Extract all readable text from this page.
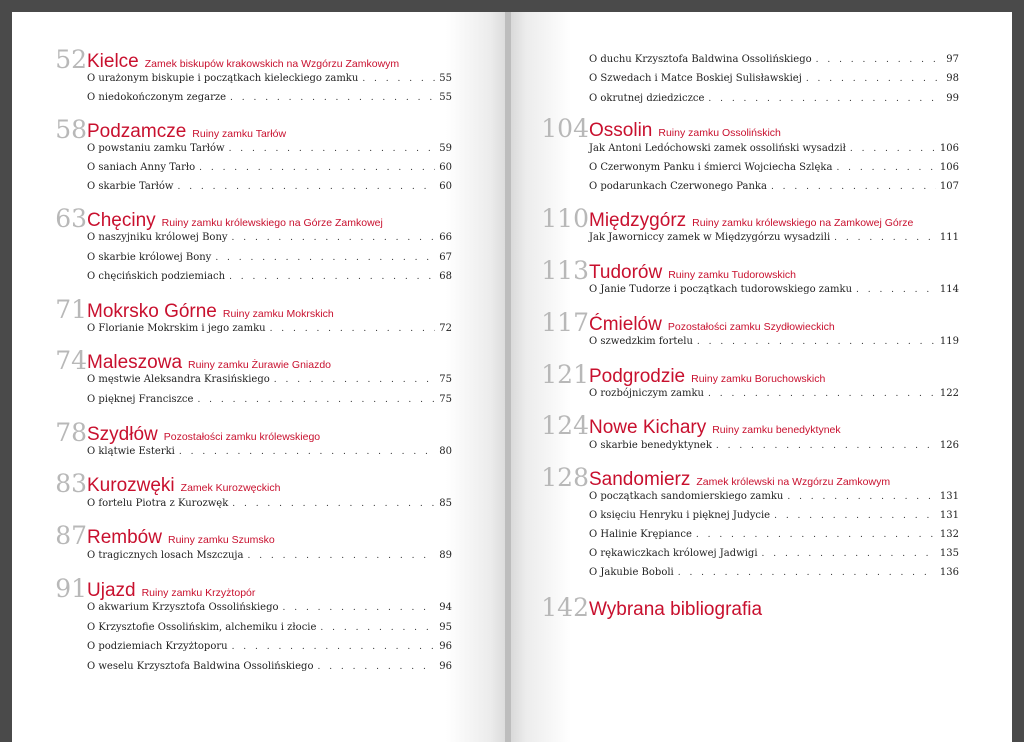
52 Kielce Zamek biskupów krakowskich na Wzgórzu Zamkowym
O urażonym biskupie i początkach kieleckiego zamku . . .	55
O niedokończonym zegarze . . .	55
58 Podzamcze Ruiny zamku Tarłów
O powstaniu zamku Tarłów . . .	59
O saniach Anny Tarło . . .	60
O skarbie Tarłów . . .	60
63 Chęciny Ruiny zamku królewskiego na Górze Zamkowej
O naszyjniku królowej Bony . . .	66
O skarbie królowej Bony . . .	67
O chęcińskich podziemiach . . .	68
71 Mokrsko Górne Ruiny zamku Mokrskich
O Florianie Mokrskim i jego zamku . . .	72
74 Maleszowa Ruiny zamku Żurawie Gniazdo
O męstwie Aleksandra Krasińskiego . . .	75
O pięknej Franciszce . . .	75
78 Szydłów Pozostałości zamku królewskiego
O klątwie Esterki . . .	80
83 Kurozwęki Zamek Kurozwęckich
O fortelu Piotra z Kurozwęk . . .	85
87 Rembów Ruiny zamku Szumsko
O tragicznych losach Mszczuja . . .	89
91 Ujazd Ruiny zamku Krzyżtopór
O akwarium Krzysztofa Ossolińskiego . . .	94
O Krzysztofie Ossolińskim, alchemiku i złocie . . .	95
O podziemiach Krzyżtoporu . . .	96
O weselu Krzysztofa Baldwina Ossolińskiego . . .	96
O duchu Krzysztofa Baldwina Ossolińskiego . . .	97
O Szwedach i Matce Boskiej Sulisławskiej . . .	98
O okrutnej dziedziczce . . .	99
104 Ossolin Ruiny zamku Ossolińskich
Jak Antoni Ledóchowski zamek ossoliński wysadził . . .	106
O Czerwonym Panku i śmierci Wojciecha Szlęka . . .	106
O podarunkach Czerwonego Panka . . .	107
110 Międzygórz Ruiny zamku królewskiego na Zamkowej Górze
Jak Jaworniccy zamek w Międzygórzu wysadzili . . .	111
113 Tudorów Ruiny zamku Tudorowskich
O Janie Tudorze i początkach tudorowskiego zamku . . .	114
117 Ćmielów Pozostałości zamku Szydłowieckich
O szwedzkim fortelu . . .	119
121 Podgrodzie Ruiny zamku Boruchowskich
O rozbójniczym zamku . . .	122
124 Nowe Kichary Ruiny zamku benedyktynek
O skarbie benedyktynek . . .	126
128 Sandomierz Zamek królewski na Wzgórzu Zamkowym
O początkach sandomierskiego zamku . . .	131
O księciu Henryku i pięknej Judycie . . .	131
O Halinie Krępiance . . .	132
O rękawiczkach królowej Jadwigi . . .	135
O Jakubie Boboli . . .	136
142 Wybrana bibliografia
